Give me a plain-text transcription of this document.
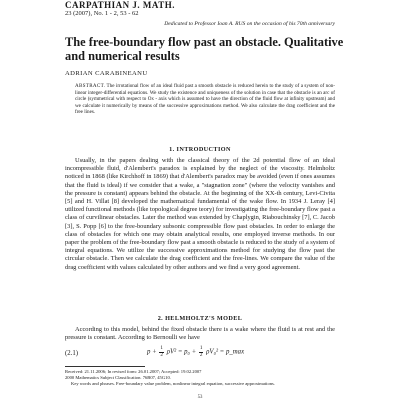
CARPATHIAN J. MATH.
23 (2007), No. 1 - 2, 53 - 62
Dedicated to Professor Ioan A. RUS on the occasion of his 70th anniversary
The free-boundary flow past an obstacle. Qualitative and numerical results
ADRIAN CARABINEANU

ABSTRACT. The irrotational flow of an ideal fluid past a smooth obstacle is reduced herein to the study of a system of non-linear integer-differential equations. We study the existence and uniqueness of the solution in case that the obstacle is an arc of circle (symmetrical with respect to Ox - axis which is assumed to have the direction of the fluid flow at infinity upstream) and we calculate it numerically by means of the successive approximations method. We also calculate the drag coefficient and the free lines.

1. INTRODUCTION

Usually, in the papers dealing with the classical theory of the 2d potential flow of an ideal incompressible fluid, d'Alembert's paradox is explained by the neglect of the viscosity. Helmholtz noticed in 1868 (like Kirchhoff in 1869) that d'Alembert's paradox may be avoided (even if ones assumes that the fluid is ideal) if we consider that a wake, a "stagnation zone" (where the velocity vanishes and the pressure is constant) appears behind the obstacle. At the beginning of the XX-th century, Levi-Civita [5] and H. Villat [8] developed the mathematical fundamental of the wake flow. In 1934 J. Leray [4] utilized functional methods (like topological degree teory) for investigating the free-boundary flow past a class of curvilinear obstacles. Later the method was extended by Chaplygin, Riabouchinsky [7], C. Jacob [3], S. Popp [6] to the free-boundary subsonic compressible flow past obstacles. In order to enlarge the class of obstacles for which one may obtain analytical results, one employed inverse methods. In our paper the problem of the free-boundary flow past a smooth obstacle is reduced to the study of a system of integral equations. We utilize the successive approximations method for studying the flow past the circular obstacle. Then we calculate the drag coefficient and the free-lines. We compare the value of the drag coefficient with values calculated by other authors and we find a very good agreement.

2. HELMHOLTZ'S MODEL

According to this model, behind the fixed obstacle there is a wake where the fluid is at rest and the pressure is constant. According to Bernoulli we have

(2.1)	$p + \frac{1}{2} \rho V^2 = p_0 + \frac{1}{2} \rho V_0^2$ = p_max

Received: 21.11.2006; In revised form: 26.01.2007; Accepted: 19.02.2007

2000 Mathematics Subject Classification. 76B07, 45G10.

Key words and phrases. Free-boundary value problem, nonlinear integral equation, successive approximations.

53
